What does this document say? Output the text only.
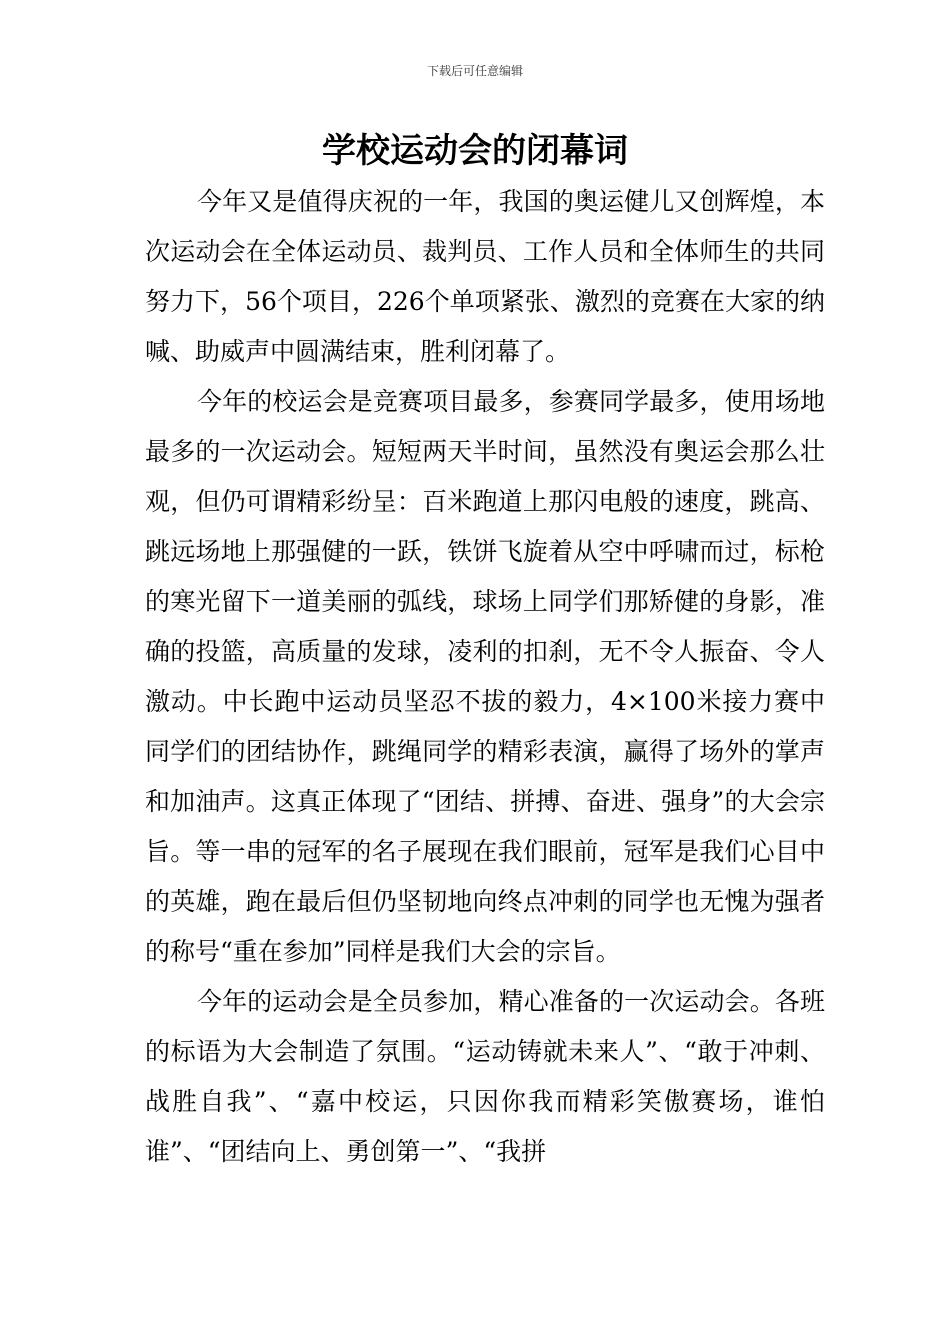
下载后可任意编辑
学校运动会的闭幕词

今年又是值得庆祝的一年，我国的奥运健儿又创辉煌，本次运动会在全体运动员、裁判员、工作人员和全体师生的共同努力下，56个项目，226个单项紧张、激烈的竞赛在大家的纳喊、助威声中圆满结束，胜利闭幕了。

今年的校运会是竞赛项目最多，参赛同学最多，使用场地最多的一次运动会。短短两天半时间，虽然没有奥运会那么壮观，但仍可谓精彩纷呈：百米跑道上那闪电般的速度，跳高、跳远场地上那强健的一跃，铁饼飞旋着从空中呼啸而过，标枪的寒光留下一道美丽的弧线，球场上同学们那矫健的身影，准确的投篮，高质量的发球，凌利的扣刹，无不令人振奋、令人激动。中长跑中运动员坚忍不拔的毅力，4×100米接力赛中同学们的团结协作，跳绳同学的精彩表演，赢得了场外的掌声和加油声。这真正体现了“团结、拼搏、奋进、强身”的大会宗旨。等一串的冠军的名子展现在我们眼前，冠军是我们心目中的英雄，跑在最后但仍坚韧地向终点冲刺的同学也无愧为强者的称号“重在参加”同样是我们大会的宗旨。

今年的运动会是全员参加，精心准备的一次运动会。各班的标语为大会制造了氛围。“运动铸就未来人”、“敢于冲刺、战胜自我”、“嘉中校运，只因你我而精彩笑傲赛场，谁怕谁”、“团结向上、勇创第一”、“我拼
